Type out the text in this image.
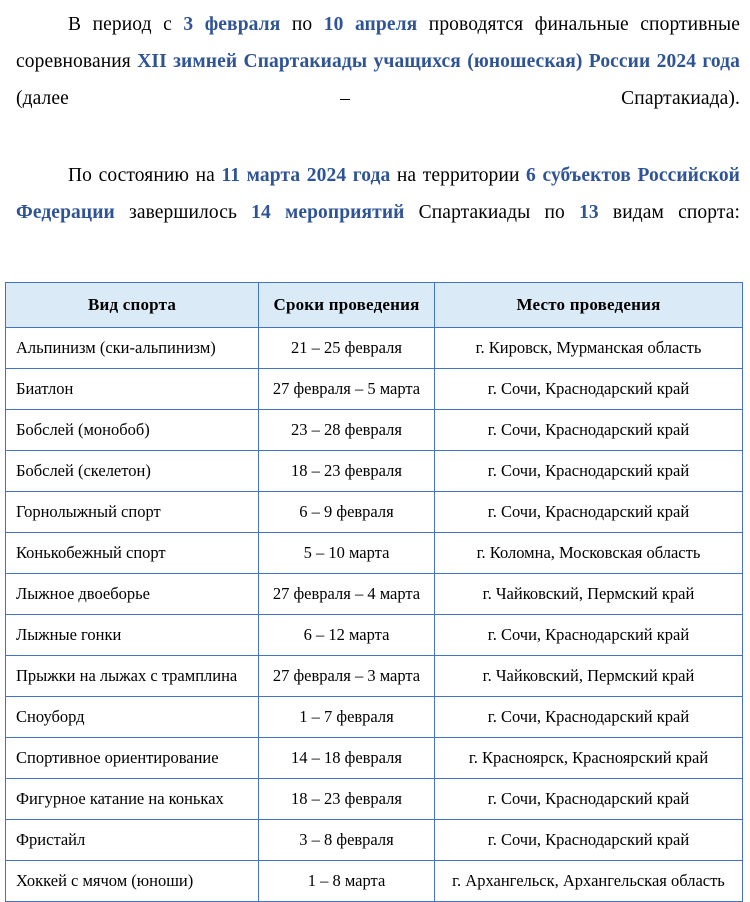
В период с 3 февраля по 10 апреля проводятся финальные спортивные соревнования XII зимней Спартакиады учащихся (юношеская) России 2024 года (далее – Спартакиада).

По состоянию на 11 марта 2024 года на территории 6 субъектов Российской Федерации завершилось 14 мероприятий Спартакиады по 13 видам спорта:

Вид спорта	Сроки проведения	Место проведения
Альпинизм (ски-альпинизм)	21 – 25 февраля	г. Кировск, Мурманская область
Биатлон	27 февраля – 5 марта	г. Сочи, Краснодарский край
Бобслей (монобоб)	23 – 28 февраля	г. Сочи, Краснодарский край
Бобслей (скелетон)	18 – 23 февраля	г. Сочи, Краснодарский край
Горнолыжный спорт	6 – 9 февраля	г. Сочи, Краснодарский край
Конькобежный спорт	5 – 10 марта	г. Коломна, Московская область
Лыжное двоеборье	27 февраля – 4 марта	г. Чайковский, Пермский край
Лыжные гонки	6 – 12 марта	г. Сочи, Краснодарский край
Прыжки на лыжах с трамплина	27 февраля – 3 марта	г. Чайковский, Пермский край
Сноуборд	1 – 7 февраля	г. Сочи, Краснодарский край
Спортивное ориентирование	14 – 18 февраля	г. Красноярск, Красноярский край
Фигурное катание на коньках	18 – 23 февраля	г. Сочи, Краснодарский край
Фристайл	3 – 8 февраля	г. Сочи, Краснодарский край
Хоккей с мячом (юноши)	1 – 8 марта	г. Архангельск, Архангельская область
